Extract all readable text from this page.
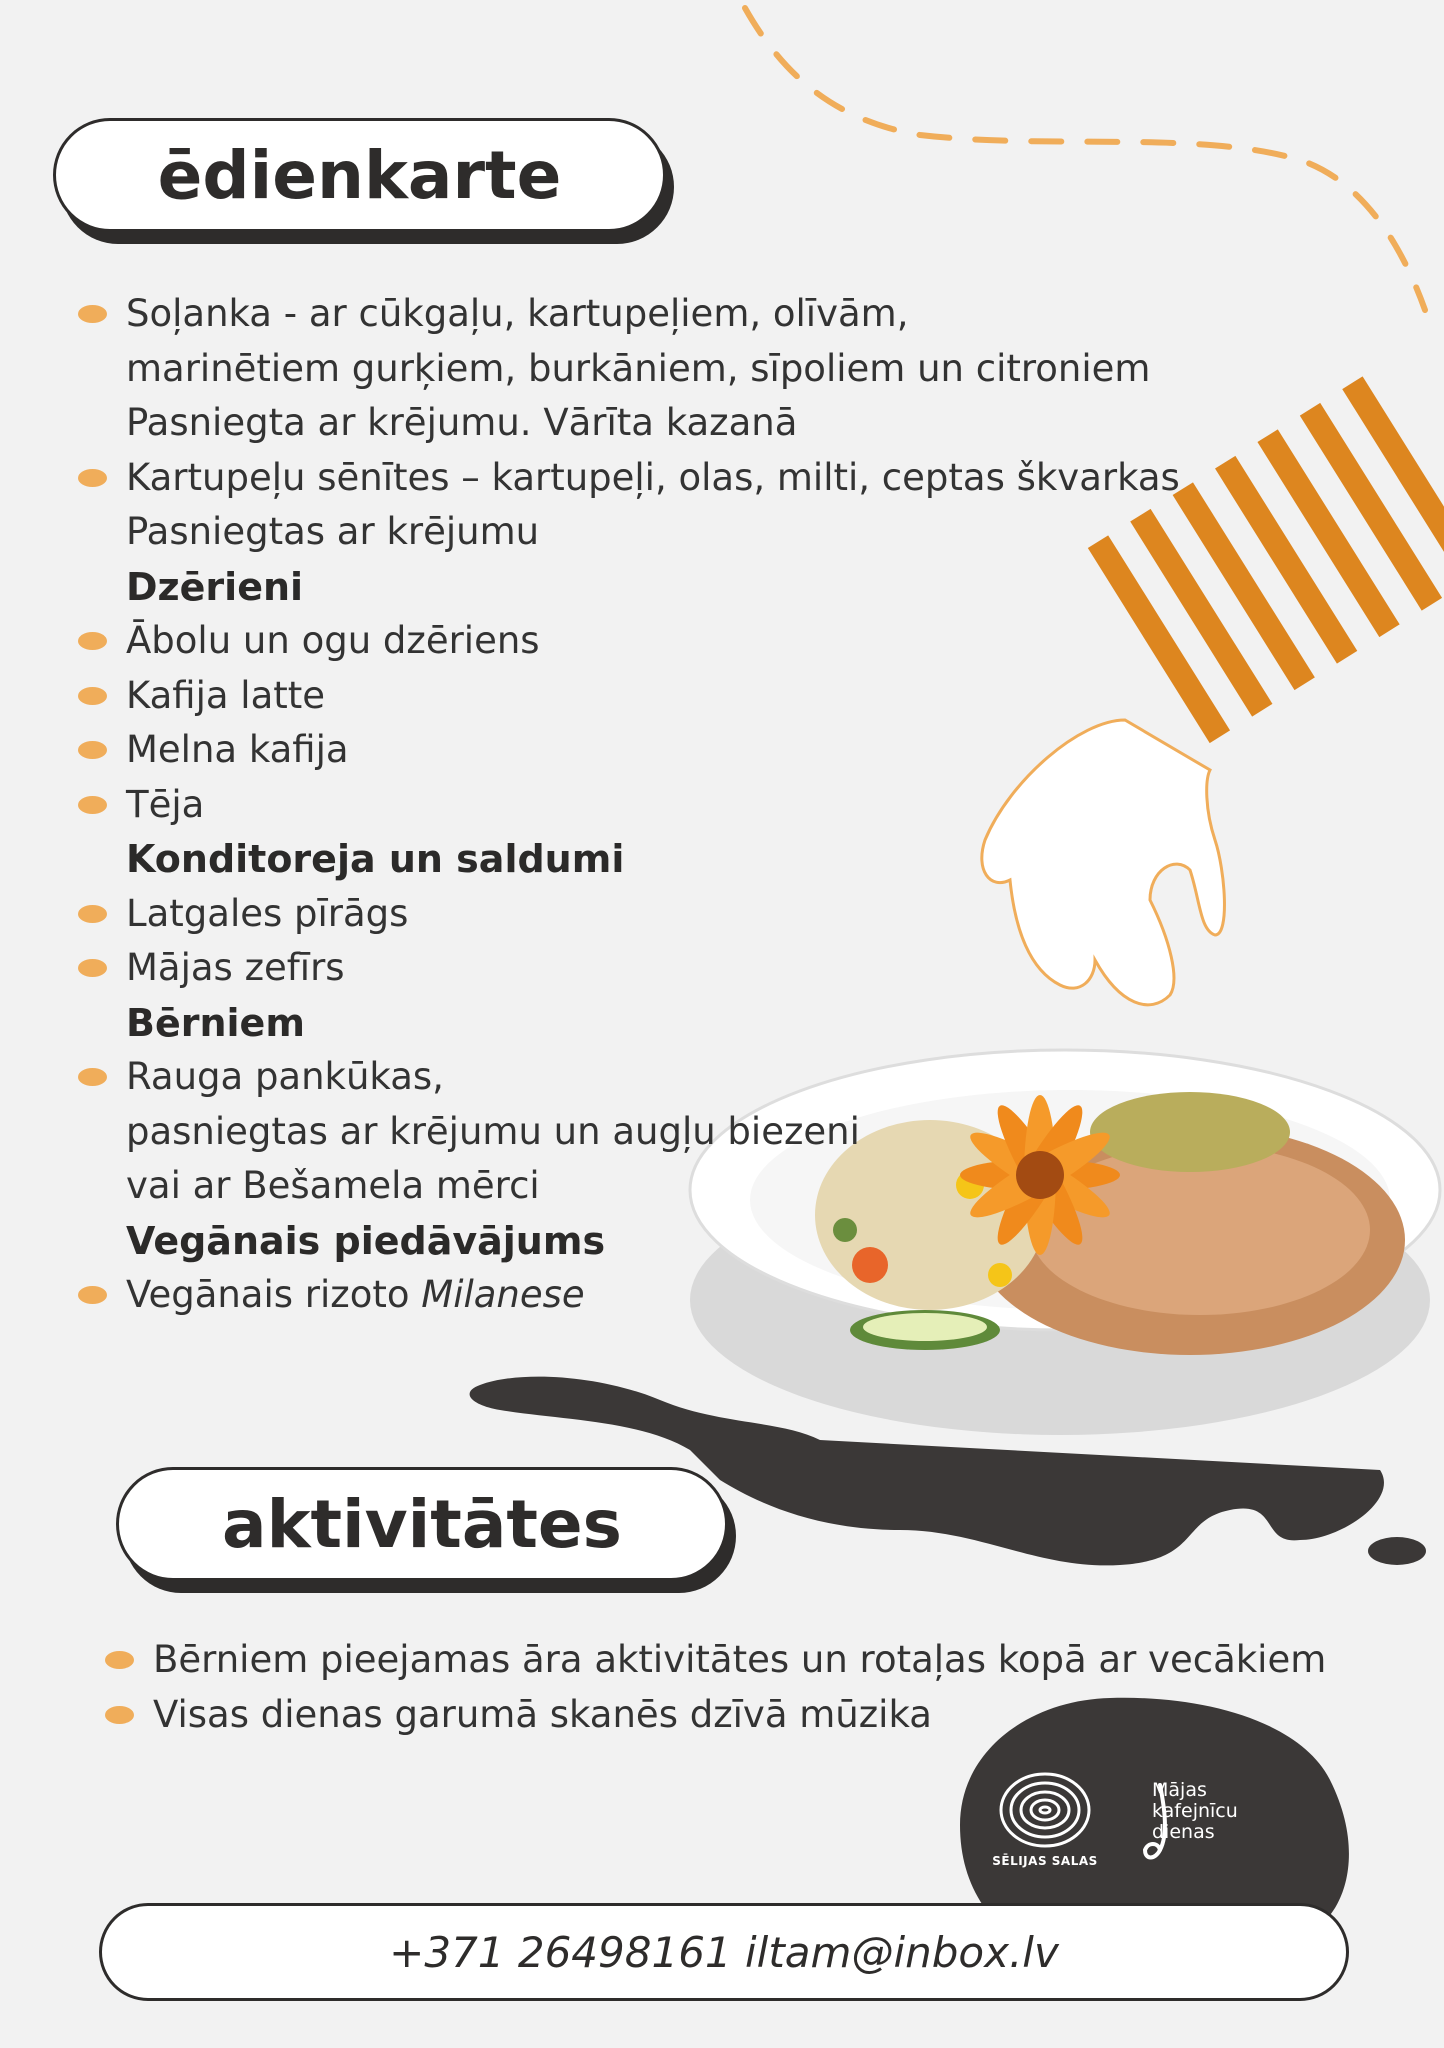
ēdienkarte
aktivitātes
Soļanka - ar cūkgaļu, kartupeļiem, olīvām,
marinētiem gurķiem, burkāniem, sīpoliem un citroniem
Pasniegta ar krējumu. Vārīta kazanā
Kartupeļu sēnītes – kartupeļi, olas, milti, ceptas škvarkas
Pasniegtas ar krējumu
Dzērieni
Ābolu un ogu dzēriens
Kafija latte
Melna kafija
Tēja
Konditoreja un saldumi
Latgales pīrāgs
Mājas zefīrs
Bērniem
Rauga pankūkas,
pasniegtas ar krējumu un augļu biezeni
vai ar Bešamela mērci
Vegānais piedāvājums
Vegānais rizoto Milanese
Bērniem pieejamas āra aktivitātes un rotaļas kopā ar vecākiem
Visas dienas garumā skanēs dzīvā mūzika
SĒLIJAS SALAS
Mājas
kafejnīcu
dienas
+371 26498161 iltam@inbox.lv
